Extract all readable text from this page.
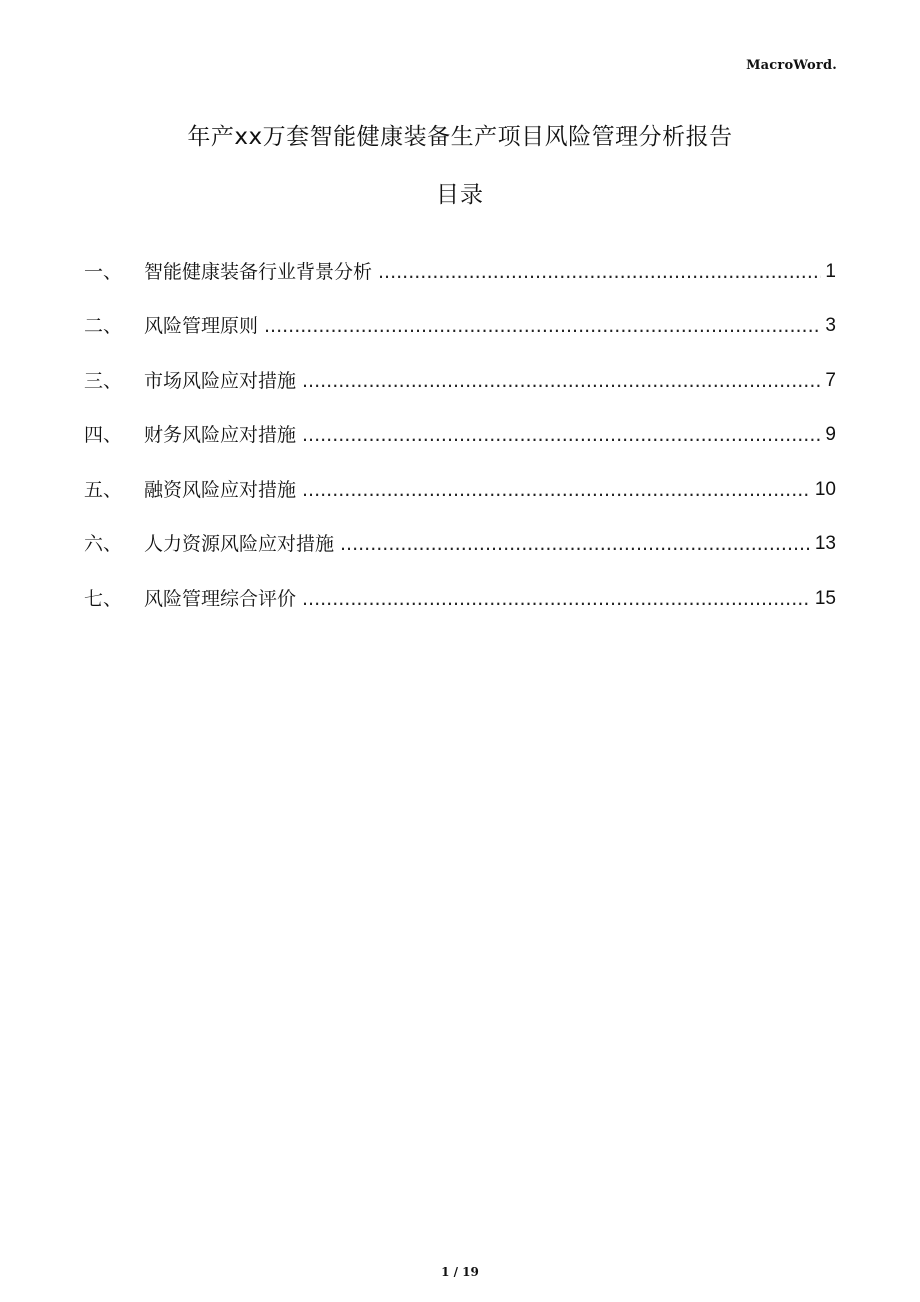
MacroWord.
年产xx万套智能健康装备生产项目风险管理分析报告
目录
一、	智能健康装备行业背景分析 .....	1
二、	风险管理原则 .....	3
三、	市场风险应对措施 .....	7
四、	财务风险应对措施 .....	9
五、	融资风险应对措施 .....	10
六、	人力资源风险应对措施 .....	13
七、	风险管理综合评价 .....	15
1 / 19
